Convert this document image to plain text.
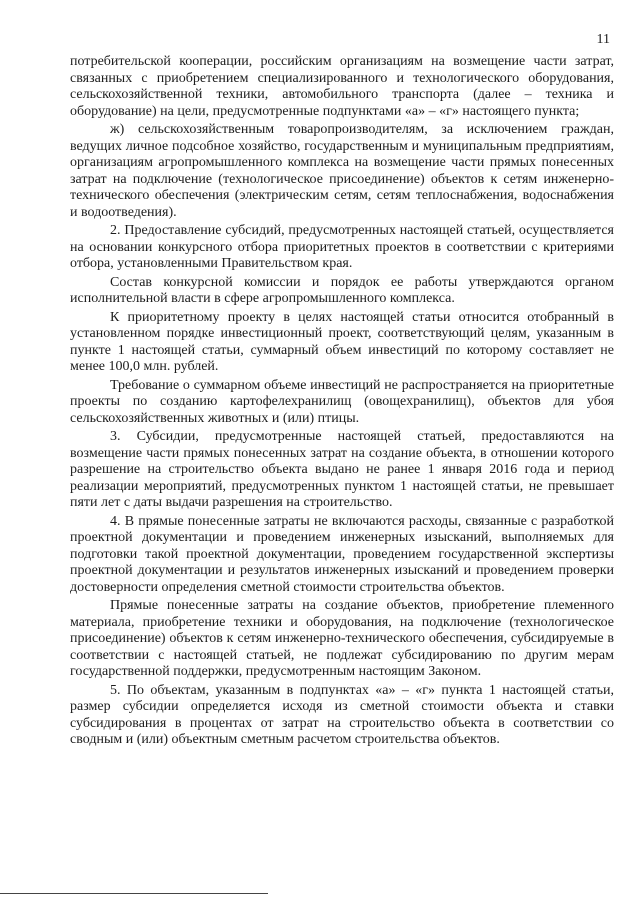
11

потребительской кооперации, российским организациям на возмещение части затрат, связанных с приобретением специализированного и технологического оборудования, сельскохозяйственной техники, автомобильного транспорта (далее – техника и оборудование) на цели, предусмотренные подпунктами «а» – «г» настоящего пункта;

ж) сельскохозяйственным товаропроизводителям, за исключением граждан, ведущих личное подсобное хозяйство, государственным и муниципальным предприятиям, организациям агропромышленного комплекса на возмещение части прямых понесенных затрат на подключение (технологическое присоединение) объектов к сетям инженерно-технического обеспечения (электрическим сетям, сетям теплоснабжения, водоснабжения и водоотведения).

2. Предоставление субсидий, предусмотренных настоящей статьей, осуществляется на основании конкурсного отбора приоритетных проектов в соответствии с критериями отбора, установленными Правительством края.

Состав конкурсной комиссии и порядок ее работы утверждаются органом исполнительной власти в сфере агропромышленного комплекса.

К приоритетному проекту в целях настоящей статьи относится отобранный в установленном порядке инвестиционный проект, соответствующий целям, указанным в пункте 1 настоящей статьи, суммарный объем инвестиций по которому составляет не менее 100,0 млн. рублей.

Требование о суммарном объеме инвестиций не распространяется на приоритетные проекты по созданию картофелехранилищ (овощехранилищ), объектов для убоя сельскохозяйственных животных и (или) птицы.

3. Субсидии, предусмотренные настоящей статьей, предоставляются на возмещение части прямых понесенных затрат на создание объекта, в отношении которого разрешение на строительство объекта выдано не ранее 1 января 2016 года и период реализации мероприятий, предусмотренных пунктом 1 настоящей статьи, не превышает пяти лет с даты выдачи разрешения на строительство.

4. В прямые понесенные затраты не включаются расходы, связанные с разработкой проектной документации и проведением инженерных изысканий, выполняемых для подготовки такой проектной документации, проведением государственной экспертизы проектной документации и результатов инженерных изысканий и проведением проверки достоверности определения сметной стоимости строительства объектов.

Прямые понесенные затраты на создание объектов, приобретение племенного материала, приобретение техники и оборудования, на подключение (технологическое присоединение) объектов к сетям инженерно-технического обеспечения, субсидируемые в соответствии с настоящей статьей, не подлежат субсидированию по другим мерам государственной поддержки, предусмотренным настоящим Законом.

5. По объектам, указанным в подпунктах «а» – «г» пункта 1 настоящей статьи, размер субсидии определяется исходя из сметной стоимости объекта и ставки субсидирования в процентах от затрат на строительство объекта в соответствии со сводным и (или) объектным сметным расчетом строительства объектов.
